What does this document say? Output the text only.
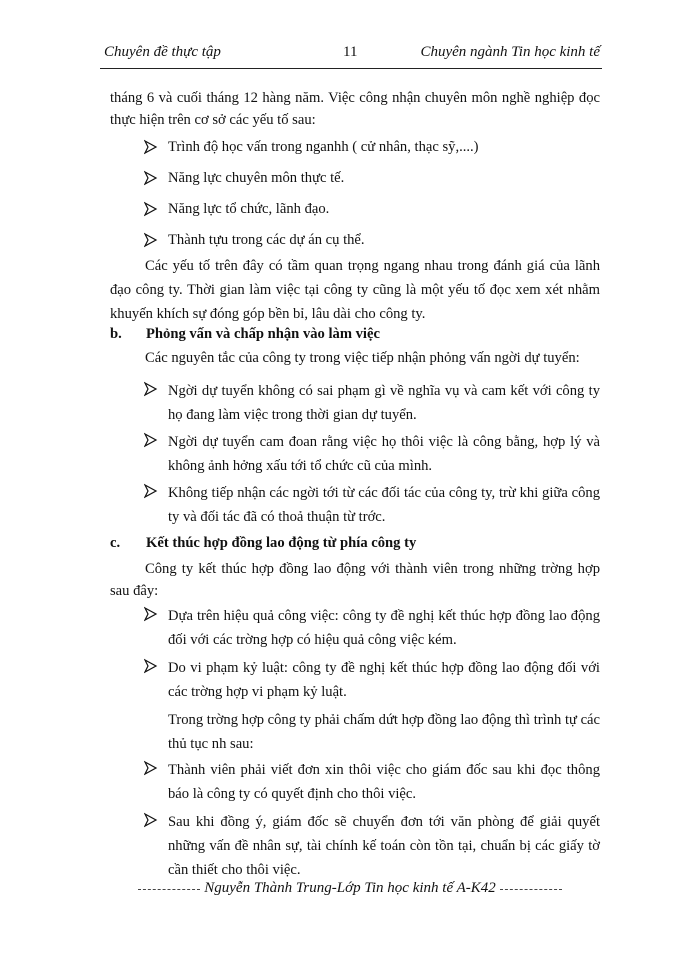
Chuyên đề thực tập	11	Chuyên ngành Tin học kinh tế

tháng 6 và cuối tháng 12 hàng năm. Việc công nhận chuyên môn nghề nghiệp đọc thực hiện trên cơ sở các yếu tố sau:

Trình độ học vấn trong nganhh ( cử nhân, thạc sỹ,....)
Năng lực chuyên môn thực tế.
Năng lực tổ chức, lãnh đạo.
Thành tựu trong các dự án cụ thể.

Các yếu tố trên đây có tầm quan trọng ngang nhau trong đánh giá của lãnh đạo công ty. Thời gian làm việc tại công ty cũng là một yếu tố đọc xem xét nhằm khuyến khích sự đóng góp bền bỉ, lâu dài cho công ty.

b. Phỏng vấn và chấp nhận vào làm việc

Các nguyên tắc của công ty trong việc tiếp nhận phỏng vấn ngời dự tuyển:

Ngời dự tuyển không có sai phạm gì về nghĩa vụ và cam kết với công ty họ đang làm việc trong thời gian dự tuyển.
Ngời dự tuyển cam đoan rằng việc họ thôi việc là công bằng, hợp lý và không ảnh hởng xấu tới tổ chức cũ của mình.
Không tiếp nhận các ngời tới từ các đối tác của công ty, trừ khi giữa công ty và đối tác đã có thoả thuận từ trớc.
c. Kết thúc hợp đồng lao động từ phía công ty

Công ty kết thúc hợp đồng lao động với thành viên trong những trờng hợp sau đây:

Dựa trên hiệu quả công việc: công ty đề nghị kết thúc hợp đồng lao động đối với các trờng hợp có hiệu quả công việc kém.
Do vi phạm kỷ luật: công ty đề nghị kết thúc hợp đồng lao động đối với các trờng hợp vi phạm kỷ luật.

Trong trờng hợp công ty phải chấm dứt hợp đồng lao động thì trình tự các thủ tục nh sau:

Thành viên phải viết đơn xin thôi việc cho giám đốc sau khi đọc thông báo là công ty có quyết định cho thôi việc.
Sau khi đồng ý, giám đốc sẽ chuyển đơn tới văn phòng để giải quyết những vấn đề nhân sự, tài chính kế toán còn tồn tại, chuẩn bị các giấy tờ cần thiết cho thôi việc.
Nguyễn Thành Trung-Lớp Tin học kinh tế A-K42
